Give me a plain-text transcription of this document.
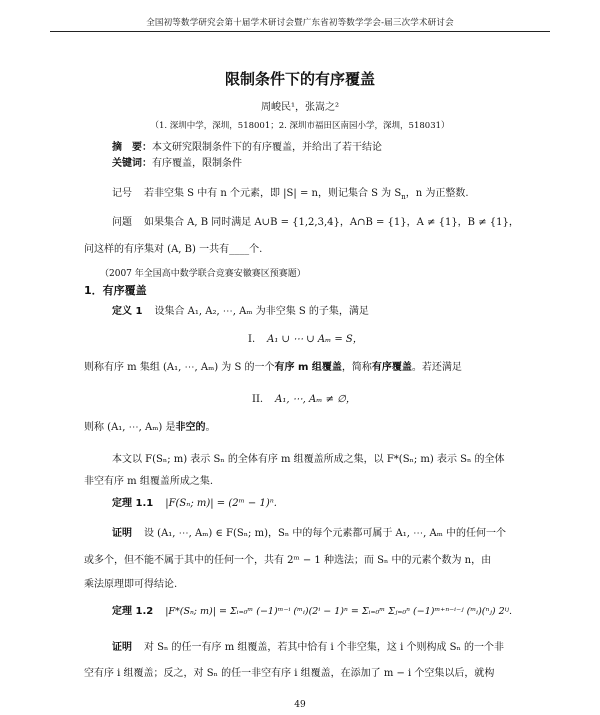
全国初等数学研究会第十届学术研讨会暨广东省初等数学学会-届三次学术研讨会
限制条件下的有序覆盖
周峻民¹，张嵩之²
（1. 深圳中学，深圳，518001；2. 深圳市福田区南园小学，深圳，518031）
摘　要：本文研究限制条件下的有序覆盖，并给出了若干结论
关键词：有序覆盖，限制条件
记号 若非空集 S 中有 n 个元素，即 |S| = n，则记集合 S 为 $S_n$，n 为正整数.
问题 如果集合 A, B 同时满足 A∪B = {1,2,3,4}，A∩B = {1}，A ≠ {1}，B ≠ {1}，
问这样的有序集对 (A, B) 一共有____个.
（2007 年全国高中数学联合竞赛安徽赛区预赛题）
1．有序覆盖
定义 1 设集合 A₁, A₂, ⋯, Aₘ 为非空集 S 的子集，满足
I. A₁ ∪ ⋯ ∪ Aₘ = S，
则称有序 m 集组 (A₁, ⋯, Aₘ) 为 S 的一个有序 m 组覆盖，简称有序覆盖。若还满足
II. A₁, ⋯, Aₘ ≠ ∅，
则称 (A₁, ⋯, Aₘ) 是非空的。
本文以 F(Sₙ; m) 表示 Sₙ 的全体有序 m 组覆盖所成之集，以 F*(Sₙ; m) 表示 Sₙ 的全体
非空有序 m 组覆盖所成之集.
定理 1.1 |F(Sₙ; m)| = (2ᵐ − 1)ⁿ.
证明 设 (A₁, ⋯, Aₘ) ∈ F(Sₙ; m)，Sₙ 中的每个元素都可属于 A₁, ⋯, Aₘ 中的任何一个
或多个，但不能不属于其中的任何一个，共有 2ᵐ − 1 种选法；而 Sₙ 中的元素个数为 n，由
乘法原理即可得结论.
定理 1.2 |F*(Sₙ; m)| = Σᵢ₌₀ᵐ (−1)ᵐ⁻ⁱ (ᵐᵢ)(2ⁱ − 1)ⁿ = Σᵢ₌₀ᵐ Σⱼ₌₀ⁿ (−1)ᵐ⁺ⁿ⁻ⁱ⁻ʲ (ᵐᵢ)(ⁿⱼ) 2ⁱʲ.
证明 对 Sₙ 的任一有序 m 组覆盖，若其中恰有 i 个非空集，这 i 个则构成 Sₙ 的一个非
空有序 i 组覆盖；反之，对 Sₙ 的任一非空有序 i 组覆盖，在添加了 m − i 个空集以后，就构
49
